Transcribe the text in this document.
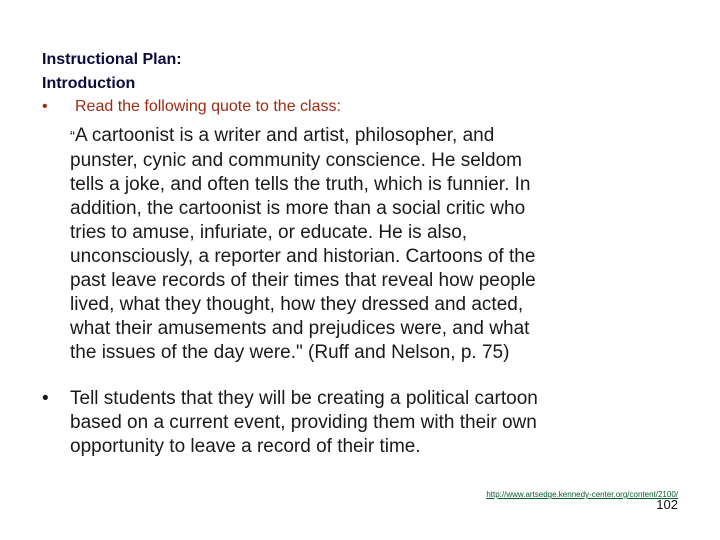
Instructional Plan:
Introduction
• Read the following quote to the class:
“A cartoonist is a writer and artist, philosopher, and
punster, cynic and community conscience. He seldom
tells a joke, and often tells the truth, which is funnier. In
addition, the cartoonist is more than a social critic who
tries to amuse, infuriate, or educate. He is also,
unconsciously, a reporter and historian. Cartoons of the
past leave records of their times that reveal how people
lived, what they thought, how they dressed and acted,
what their amusements and prejudices were, and what
the issues of the day were." (Ruff and Nelson, p. 75)
• Tell students that they will be creating a political cartoon
based on a current event, providing them with their own
opportunity to leave a record of their time.
http://www.artsedge.kennedy-center.org/content/2100/
102
